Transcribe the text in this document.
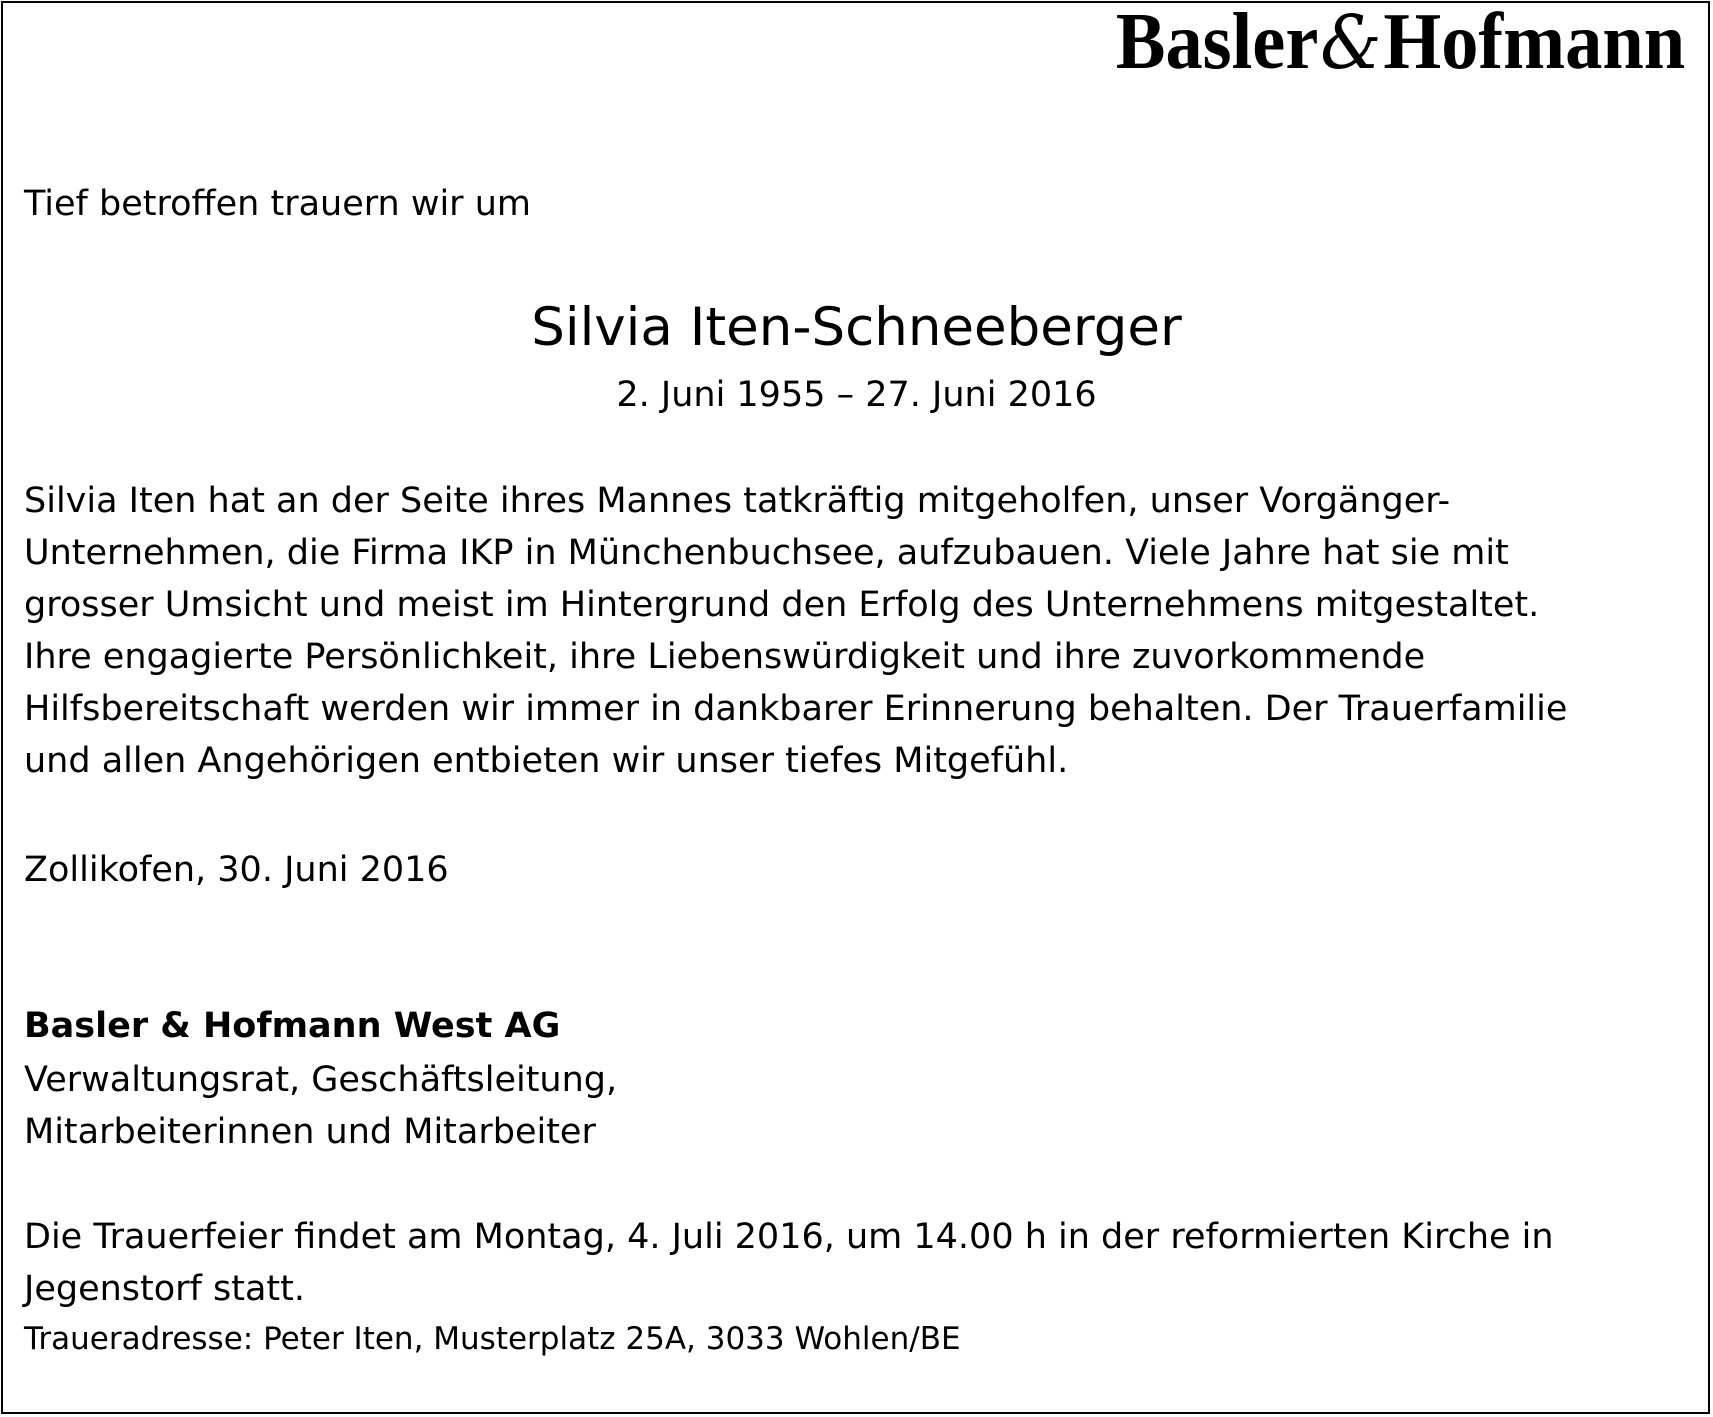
Basler&Hofmann
Tief betroffen trauern wir um
Silvia Iten-Schneeberger
2. Juni 1955 – 27. Juni 2016
Silvia Iten hat an der Seite ihres Mannes tatkräftig mitgeholfen, unser Vorgänger-
Unternehmen, die Firma IKP in Münchenbuchsee, aufzubauen. Viele Jahre hat sie mit
grosser Umsicht und meist im Hintergrund den Erfolg des Unternehmens mitgestaltet.
Ihre engagierte Persönlichkeit, ihre Liebenswürdigkeit und ihre zuvorkommende
Hilfsbereitschaft werden wir immer in dankbarer Erinnerung behalten. Der Trauerfamilie
und allen Angehörigen entbieten wir unser tiefes Mitgefühl.
Zollikofen, 30. Juni 2016
Basler & Hofmann West AG
Verwaltungsrat, Geschäftsleitung,
Mitarbeiterinnen und Mitarbeiter
Die Trauerfeier findet am Montag, 4. Juli 2016, um 14.00 h in der reformierten Kirche in
Jegenstorf statt.
Traueradresse: Peter Iten, Musterplatz 25A, 3033 Wohlen/BE
